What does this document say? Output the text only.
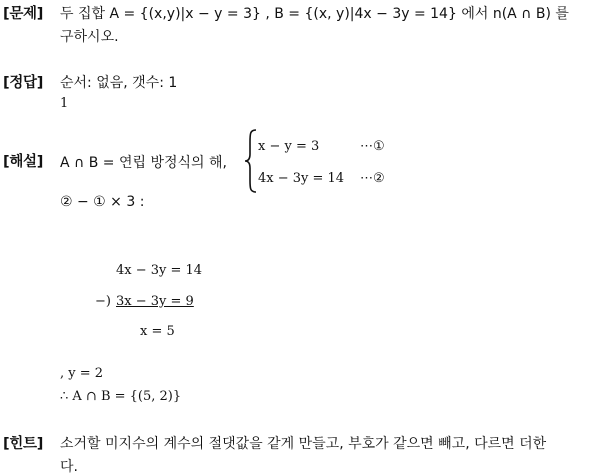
[문제] 두 집합 A = {(x,y)|x − y = 3} , B = {(x, y)|4x − 3y = 14} 에서 n(A ∩ B) 를
구하시오.
[정답] 순서: 없음, 갯수: 1
1
[해설] A ∩ B = 연립 방정식의 해,
x − y = 3	⋯①
4x − 3y = 14 ⋯②
② − ① × 3 :
4x − 3y = 14
−) 3x − 3y = 9
x = 5
, y = 2
∴ A ∩ B = {(5, 2)}
[힌트] 소거할 미지수의 계수의 절댓값을 같게 만들고, 부호가 같으면 빼고, 다르면 더한
다.
